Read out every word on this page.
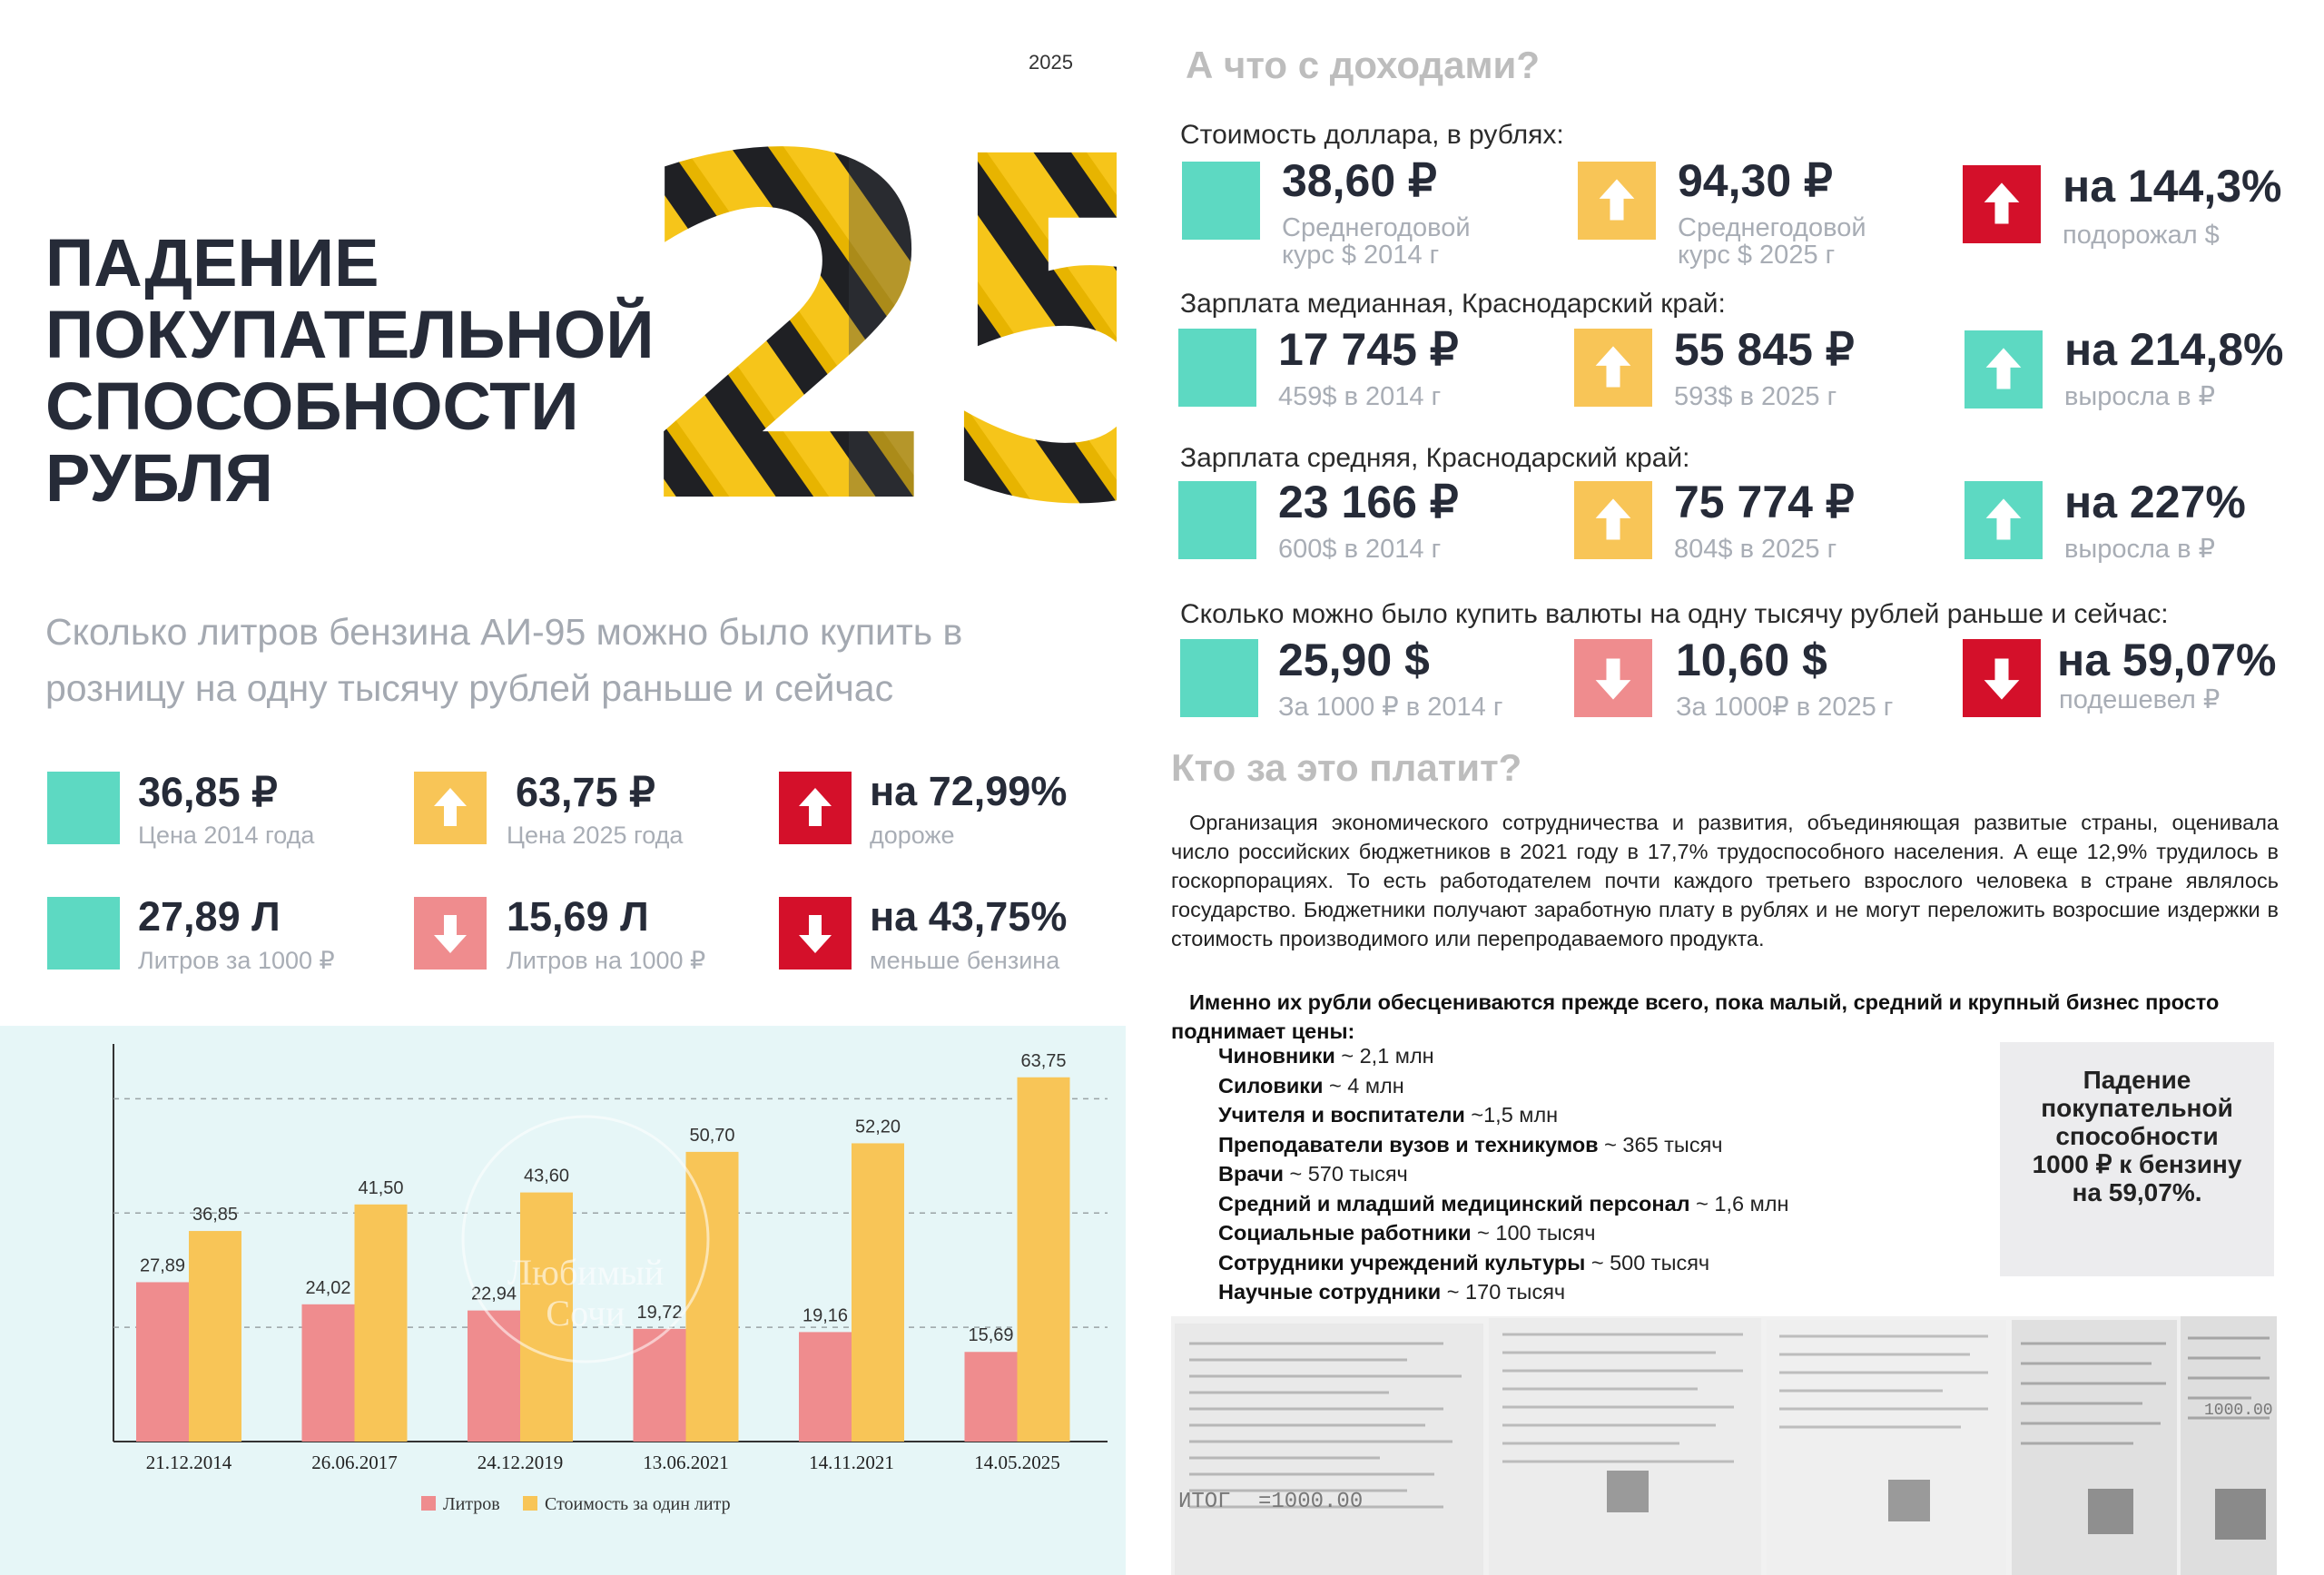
2025
ПАДЕНИЕ
ПОКУПАТЕЛЬНОЙ
СПОСОБНОСТИ
РУБЛЯ
Сколько литров бензина АИ-95 можно было купить в розницу на одну тысячу рублей раньше и сейчас
36,85 ₽
Цена 2014 года
63,75 ₽
Цена 2025 года
на 72,99%
дороже
27,89 Л
Литров за 1000 ₽
15,69 Л
Литров на 1000 ₽
на 43,75%
меньше бензина
27,89
36,85
24,02
41,50
22,94
43,60
19,72
50,70
19,16
52,20
15,69
63,75
21.12.2014	26.06.2017	24.12.2019	13.06.2021	14.11.2021	14.05.2025
Литров Стоимость за один литр
Любимый
Сочи
А что с доходами?
Стоимость доллара, в рублях:
38,60 ₽
Среднегодовой
курс $ 2014 г
94,30 ₽
Среднегодовой
курс $ 2025 г
на 144,3%
подорожал $
Зарплата медианная, Краснодарский край:
17 745 ₽
459$ в 2014 г
55 845 ₽
593$ в 2025 г
на 214,8%
выросла в ₽
Зарплата средняя, Краснодарский край:
23 166 ₽
600$ в 2014 г
75 774 ₽
804$ в 2025 г
на 227%
выросла в ₽
Сколько можно было купить валюты на одну тысячу рублей раньше и сейчас:
25,90 $
За 1000 ₽ в 2014 г
10,60 $
За 1000₽ в 2025 г
на 59,07%
подешевел ₽
Кто за это платит?
Организация экономического сотрудничества и развития, объединяющая развитые страны, оценивала число российских бюджетников в 2021 году в 17,7% трудоспособного населения. А еще 12,9% трудилось в госкорпорациях. То есть работодателем почти каждого третьего взрослого человека в стране являлось государство. Бюджетники получают заработную плату в рублях и не могут переложить возросшие издержки в стоимость производимого или перепродаваемого продукта.
Именно их рубли обесцениваются прежде всего, пока малый, средний и крупный бизнес просто поднимает цены:
Чиновники ~ 2,1 млн
Силовики ~ 4 млн
Учителя и воспитатели ~1,5 млн
Преподаватели вузов и техникумов ~ 365 тысяч
Врачи ~ 570 тысяч
Средний и младший медицинский персонал ~ 1,6 млн
Социальные работники ~ 100 тысяч
Сотрудники учреждений культуры ~ 500 тысяч
Научные сотрудники ~ 170 тысяч
Падение
покупательной
способности
1000 ₽ к бензину
на 59,07%.
ИТОГ =1000.00
1000.00
